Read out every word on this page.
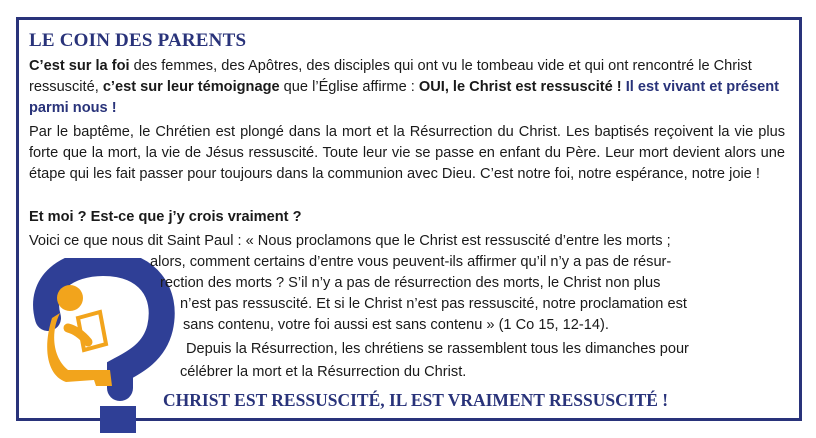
LE COIN DES PARENTS

C’est sur la foi des femmes, des Apôtres, des disciples qui ont vu le tombeau vide et qui ont rencontré le Christ ressuscité, c’est sur leur témoignage que l’Église affirme : OUI, le Christ est ressuscité ! Il est vivant et présent parmi nous !

Par le baptême, le Chrétien est plongé dans la mort et la Résurrection du Christ. Les baptisés reçoivent la vie plus forte que la mort, la vie de Jésus ressuscité. Toute leur vie se passe en enfant du Père. Leur mort devient alors une étape qui les fait passer pour toujours dans la communion avec Dieu. C’est notre foi, notre espérance, notre joie !

Et moi ? Est-ce que j’y crois vraiment ?
Voici ce que nous dit Saint Paul : « Nous proclamons que le Christ est ressuscité d’entre les morts ;
alors, comment certains d’entre vous peuvent-ils affirmer qu’il n’y a pas de résur-
rection des morts ? S’il n’y a pas de résurrection des morts, le Christ non plus
n’est pas ressuscité. Et si le Christ n’est pas ressuscité, notre proclamation est
sans contenu, votre foi aussi est sans contenu » (1 Co 15, 12-14).
Depuis la Résurrection, les chrétiens se rassemblent tous les dimanches pour
célébrer la mort et la Résurrection du Christ.
CHRIST EST RESSUSCITÉ, IL EST VRAIMENT RESSUSCITÉ !
